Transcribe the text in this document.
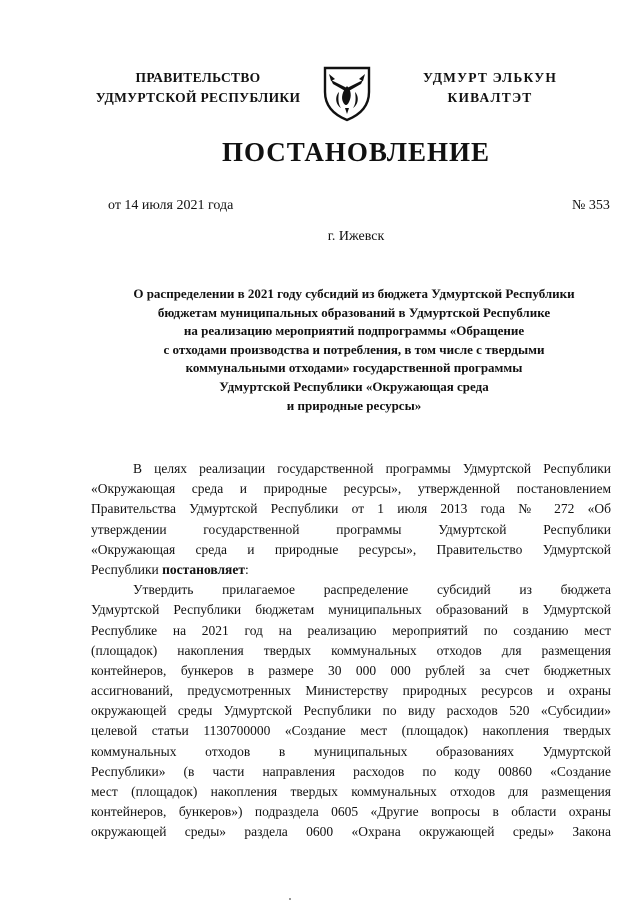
ПРАВИТЕЛЬСТВО
УДМУРТСКОЙ РЕСПУБЛИКИ
УДМУРТ ЭЛЬКУН
КИВАЛТЭТ
ПОСТАНОВЛЕНИЕ
от 14 июля 2021 года	№ 353
г. Ижевск
О распределении в 2021 году субсидий из бюджета Удмуртской Республики
бюджетам муниципальных образований в Удмуртской Республике
на реализацию мероприятий подпрограммы «Обращение
с отходами производства и потребления, в том числе с твердыми
коммунальными отходами» государственной программы
Удмуртской Республики «Окружающая среда
и природные ресурсы»
В целях реализации государственной программы Удмуртской Республики
«Окружающая среда и природные ресурсы», утвержденной постановлением
Правительства Удмуртской Республики от 1 июля 2013 года № 272 «Об
утверждении государственной программы Удмуртской Республики
«Окружающая среда и природные ресурсы», Правительство Удмуртской
Республики постановляет:
Утвердить прилагаемое распределение субсидий из бюджета
Удмуртской Республики бюджетам муниципальных образований в Удмуртской
Республике на 2021 год на реализацию мероприятий по созданию мест
(площадок) накопления твердых коммунальных отходов для размещения
контейнеров, бункеров в размере 30 000 000 рублей за счет бюджетных
ассигнований, предусмотренных Министерству природных ресурсов и охраны
окружающей среды Удмуртской Республики по виду расходов 520 «Субсидии»
целевой статьи 1130700000 «Создание мест (площадок) накопления твердых
коммунальных отходов в муниципальных образованиях Удмуртской
Республики» (в части направления расходов по коду 00860 «Создание
мест (площадок) накопления твердых коммунальных отходов для размещения
контейнеров, бункеров») подраздела 0605 «Другие вопросы в области охраны
окружающей среды» раздела 0600 «Охрана окружающей среды» Закона
